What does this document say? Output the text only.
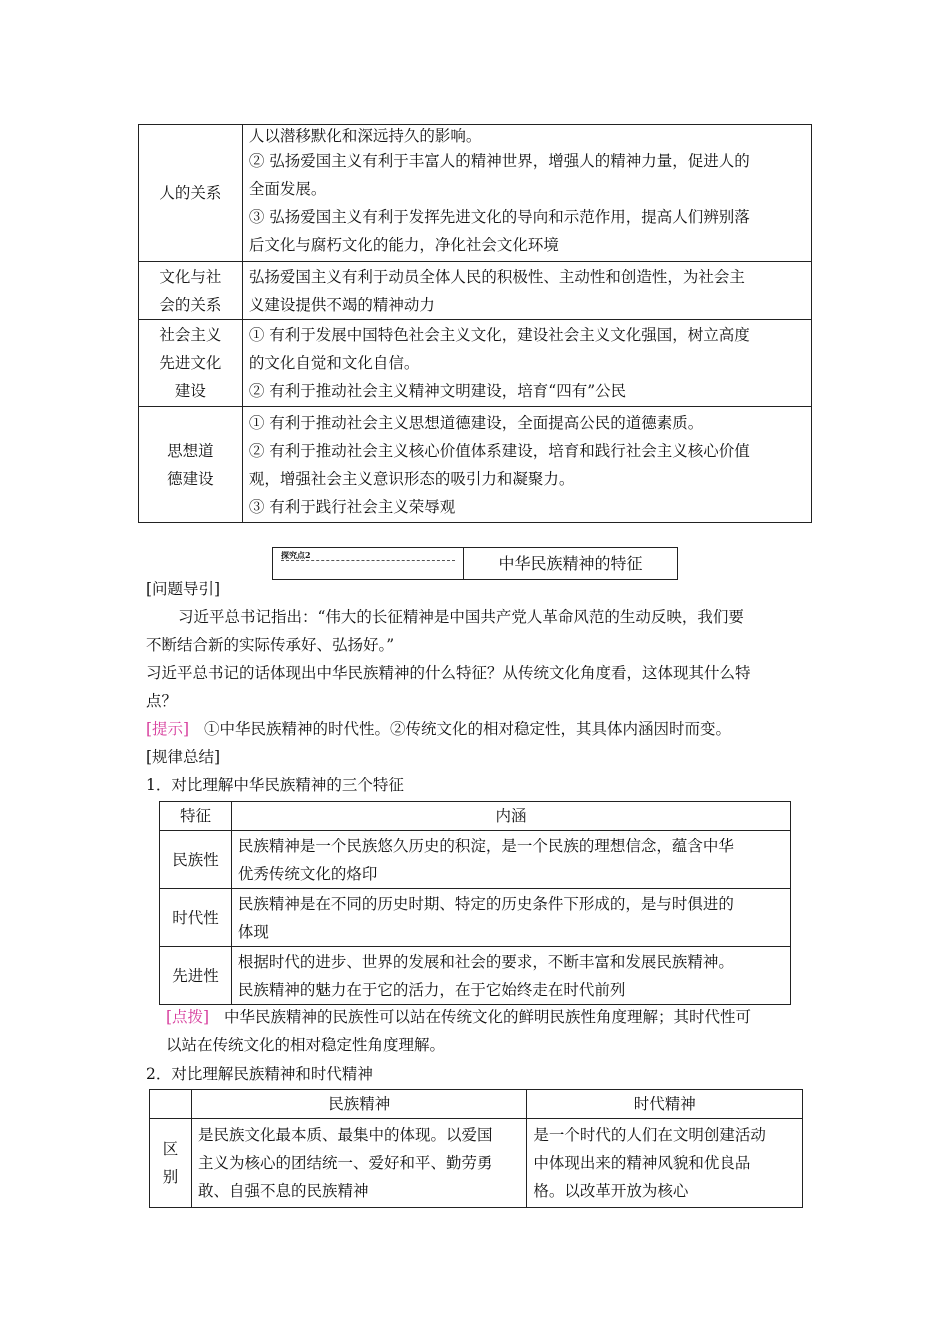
人的关系	人以潜移默化和深远持久的影响。
② 弘扬爱国主义有利于丰富人的精神世界，增强人的精神力量，促进人的
全面发展。
③ 弘扬爱国主义有利于发挥先进文化的导向和示范作用，提高人们辨别落
后文化与腐朽文化的能力，净化社会文化环境

文化与社
会的关系	弘扬爱国主义有利于动员全体人民的积极性、主动性和创造性，为社会主
义建设提供不竭的精神动力

社会主义
先进文化
建设	① 有利于发展中国特色社会主义文化，建设社会主义文化强国，树立高度
的文化自觉和文化自信。
② 有利于推动社会主义精神文明建设，培育“四有”公民

思想道
德建设	① 有利于推动社会主义思想道德建设，全面提高公民的道德素质。
② 有利于推动社会主义核心价值体系建设，培育和践行社会主义核心价值
观，增强社会主义意识形态的吸引力和凝聚力。
③ 有利于践行社会主义荣辱观
探究点2	中华民族精神的特征
[问题导引]
习近平总书记指出：“伟大的长征精神是中国共产党人革命风范的生动反映，我们要
不断结合新的实际传承好、弘扬好。”
习近平总书记的话体现出中华民族精神的什么特征？从传统文化角度看，这体现其什么特
点？
[提示] ①中华民族精神的时代性。②传统文化的相对稳定性，其具体内涵因时而变。
[规律总结]
1．对比理解中华民族精神的三个特征
特征	内涵
民族性	民族精神是一个民族悠久历史的积淀，是一个民族的理想信念，蕴含中华
优秀传统文化的烙印

时代性	民族精神是在不同的历史时期、特定的历史条件下形成的，是与时俱进的
体现

先进性	根据时代的进步、世界的发展和社会的要求，不断丰富和发展民族精神。
民族精神的魅力在于它的活力，在于它始终走在时代前列
[点拨] 中华民族精神的民族性可以站在传统文化的鲜明民族性角度理解；其时代性可
以站在传统文化的相对稳定性角度理解。
2．对比理解民族精神和时代精神
	民族精神	时代精神

区
别	是民族文化最本质、最集中的体现。以爱国
主义为核心的团结统一、爱好和平、勤劳勇
敢、自强不息的民族精神	是一个时代的人们在文明创建活动
中体现出来的精神风貌和优良品
格。以改革开放为核心
